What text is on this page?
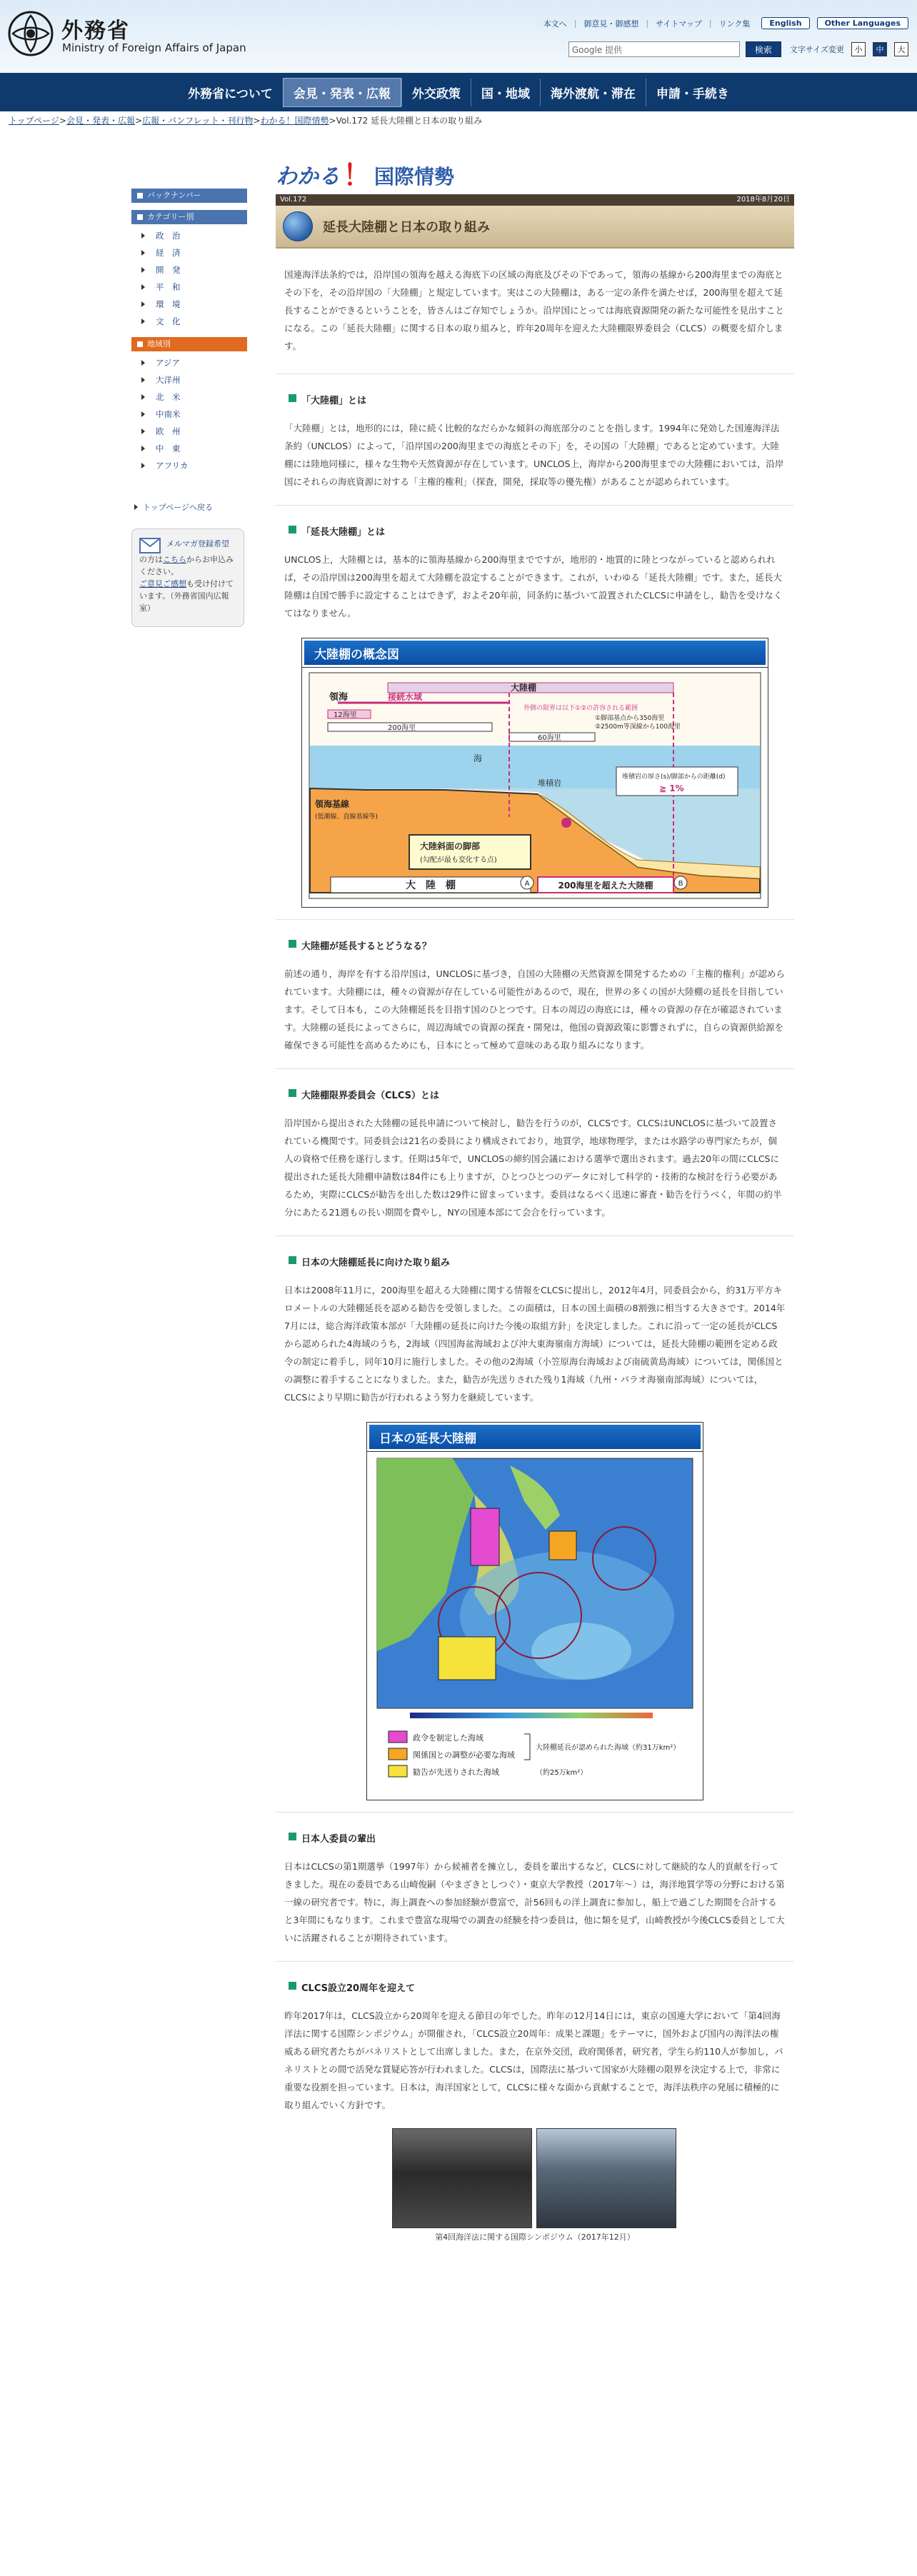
外務省
Ministry of Foreign Affairs of Japan
本文へ | 御意見・御感想 | サイトマップ | リンク集	English	Other Languages
Google 提供	検索	文字サイズ変更	小	中	大
外務省について	会見・発表・広報	外交政策	国・地域	海外渡航・滞在	申請・手続き
トップページ>会見・発表・広報>広報・パンフレット・刊行物>わかる！国際情勢>Vol.172 延長大陸棚と日本の取り組み
バックナンバー
カテゴリー別
政　治
経　済
開　発
平　和
環　境
文　化
地域別
アジア
大洋州
北　米
中南米
欧　州
中　東
アフリカ
トップページへ戻る
メルマガ登録希望
の方はこちらからお申込みください。
ご意見ご感想も受け付けています。（外務省国内広報室）
わかる ！ 国際情勢
Vol.172	2018年8月20日
延長大陸棚と日本の取り組み
国連海洋法条約では，沿岸国の領海を越える海底下の区域の海底及びその下であって，領海の基線から200海里までの海底とその下を，その沿岸国の「大陸棚」と規定しています。実はこの大陸棚は，ある一定の条件を満たせば，200海里を超えて延長することができるということを，皆さんはご存知でしょうか。沿岸国にとっては海底資源開発の新たな可能性を見出すことになる。この「延長大陸棚」に関する日本の取り組みと，昨年20周年を迎えた大陸棚限界委員会（CLCS）の概要を紹介します。
「大陸棚」とは
「大陸棚」とは，地形的には，陸に続く比較的なだらかな傾斜の海底部分のことを指します。1994年に発効した国連海洋法条約（UNCLOS）によって，「沿岸国の200海里までの海底とその下」を，その国の「大陸棚」であると定めています。大陸棚には陸地同様に，様々な生物や天然資源が存在しています。UNCLOS上，海岸から200海里までの大陸棚においては，沿岸国にそれらの海底資源に対する「主権的権利」（探査，開発，採取等の優先権）があることが認められています。
「延長大陸棚」とは
UNCLOS上，大陸棚とは，基本的に領海基線から200海里までですが，地形的・地質的に陸とつながっていると認められれば，その沿岸国は200海里を超えて大陸棚を設定することができます。これが，いわゆる「延長大陸棚」です。また，延長大陸棚は自国で勝手に設定することはできず，およそ20年前，同条約に基づいて設置されたCLCSに申請をし，勧告を受けなくてはなりません。
大陸棚の概念図
大陸棚
領海	接続水域
12海里
200海里
60海里
外側の限界は以下①②の許容される範囲
①脚部基点から350海里
②2500m等深線から100海里
海
堆積岩
領海基線
(低潮線、直線基線等)
堆積岩の厚さ(s)/脚部からの距離(d)
≧ 1%
大陸斜面の脚部
(勾配が最も変化する点)
大　陸　棚	200海里を超えた大陸棚
A	B
大陸棚が延長するとどうなる？
前述の通り，海岸を有する沿岸国は，UNCLOSに基づき，自国の大陸棚の天然資源を開発するための「主権的権利」が認められています。大陸棚には，種々の資源が存在している可能性があるので，現在，世界の多くの国が大陸棚の延長を目指しています。そして日本も，この大陸棚延長を目指す国のひとつです。日本の周辺の海底には，種々の資源の存在が確認されています。大陸棚の延長によってさらに，周辺海域での資源の探査・開発は，他国の資源政策に影響されずに，自らの資源供給源を確保できる可能性を高めるためにも，日本にとって極めて意味のある取り組みになります。
大陸棚限界委員会（CLCS）とは
沿岸国から提出された大陸棚の延長申請について検討し，勧告を行うのが，CLCSです。CLCSはUNCLOSに基づいて設置されている機関です。同委員会は21名の委員により構成されており，地質学，地球物理学，または水路学の専門家たちが，個人の資格で任務を遂行します。任期は5年で，UNCLOSの締約国会議における選挙で選出されます。過去20年の間にCLCSに提出された延長大陸棚申請数は84件にも上りますが，ひとつひとつのデータに対して科学的・技術的な検討を行う必要があるため，実際にCLCSが勧告を出した数は29件に留まっています。委員はなるべく迅速に審査・勧告を行うべく，年間の約半分にあたる21週もの長い期間を費やし，NYの国連本部にて会合を行っています。
日本の大陸棚延長に向けた取り組み
日本は2008年11月に，200海里を超える大陸棚に関する情報をCLCSに提出し，2012年4月，同委員会から，約31万平方キロメートルの大陸棚延長を認める勧告を受領しました。この面積は，日本の国土面積の8割強に相当する大きさです。2014年7月には，総合海洋政策本部が「大陸棚の延長に向けた今後の取組方針」を決定しました。これに沿って一定の延長がCLCSから認められた4海域のうち，2海域（四国海盆海域および沖大東海嶺南方海域）については，延長大陸棚の範囲を定める政令の制定に着手し，同年10月に施行しました。その他の2海域（小笠原海台海域および南硫黄島海域）については，関係国との調整に着手することになりました。また，勧告が先送りされた残り1海域（九州・パラオ海嶺南部海域）については，CLCSにより早期に勧告が行われるよう努力を継続しています。
日本の延長大陸棚
政令を制定した海域
関係国との調整が必要な海域
勧告が先送りされた海域
大陸棚延長が認められた海域（約31万km²）
（約25万km²）
日本人委員の輩出
日本はCLCSの第1期選挙（1997年）から候補者を擁立し，委員を輩出するなど，CLCSに対して継続的な人的貢献を行ってきました。現在の委員である山崎俊嗣（やまざきとしつぐ）・東京大学教授（2017年～）は，海洋地質学等の分野における第一線の研究者です。特に，海上調査への参加経験が豊富で，計56回もの洋上調査に参加し，船上で過ごした期間を合計すると3年間にもなります。これまで豊富な現場での調査の経験を持つ委員は，他に類を見ず，山崎教授が今後CLCS委員として大いに活躍されることが期待されています。
CLCS設立20周年を迎えて
昨年2017年は，CLCS設立から20周年を迎える節目の年でした。昨年の12月14日には，東京の国連大学において「第4回海洋法に関する国際シンポジウム」が開催され，「CLCS設立20周年：成果と課題」をテーマに，国外および国内の海洋法の権威ある研究者たちがパネリストとして出席しました。また，在京外交団，政府関係者，研究者，学生ら約110人が参加し，パネリストとの間で活発な質疑応答が行われました。CLCSは，国際法に基づいて国家が大陸棚の限界を決定する上で，非常に重要な役割を担っています。日本は，海洋国家として，CLCSに様々な面から貢献することで，海洋法秩序の発展に積極的に取り組んでいく方針です。
第4回海洋法に関する国際シンポジウム（2017年12月）
